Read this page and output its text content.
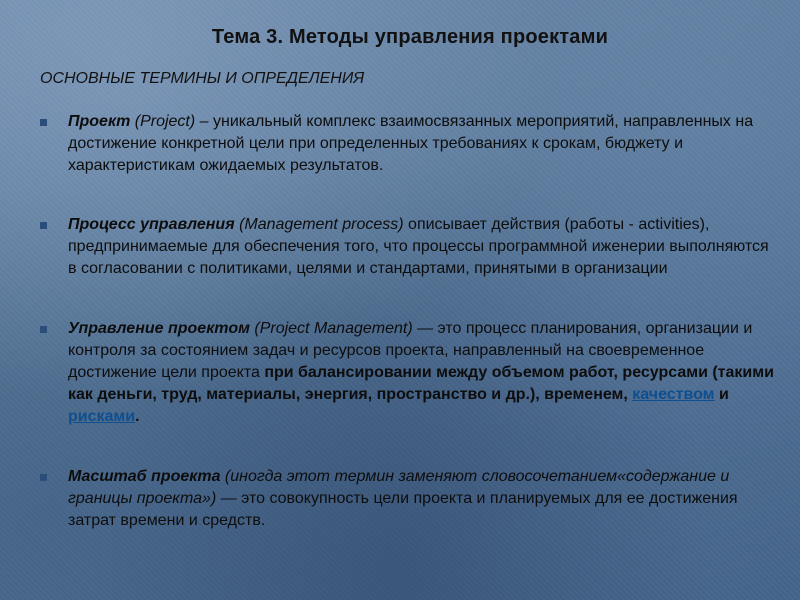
Тема 3. Методы управления проектами
ОСНОВНЫЕ ТЕРМИНЫ И ОПРЕДЕЛЕНИЯ
Проект (Project) – уникальный комплекс взаимосвязанных мероприятий, направленных на достижение конкретной цели при определенных требованиях к срокам, бюджету и характеристикам ожидаемых результатов.
Процесс управления (Management process) описывает действия (работы - activities), предпринимаемые для обеспечения того, что процессы программной иженерии выполняются в согласовании с политиками, целями и стандартами, принятыми в организации
Управление проектом (Project Management) — это процесс планирования, организации и контроля за состоянием задач и ресурсов проекта, направленный на своевременное достижение цели проекта при балансировании между объемом работ, ресурсами (такими как деньги, труд, материалы, энергия, пространство и др.), временем, качеством и рисками.
Масштаб проекта (иногда этот термин заменяют словосочетанием«содержание и границы проекта») — это совокупность цели проекта и планируемых для ее достижения затрат времени и средств.
